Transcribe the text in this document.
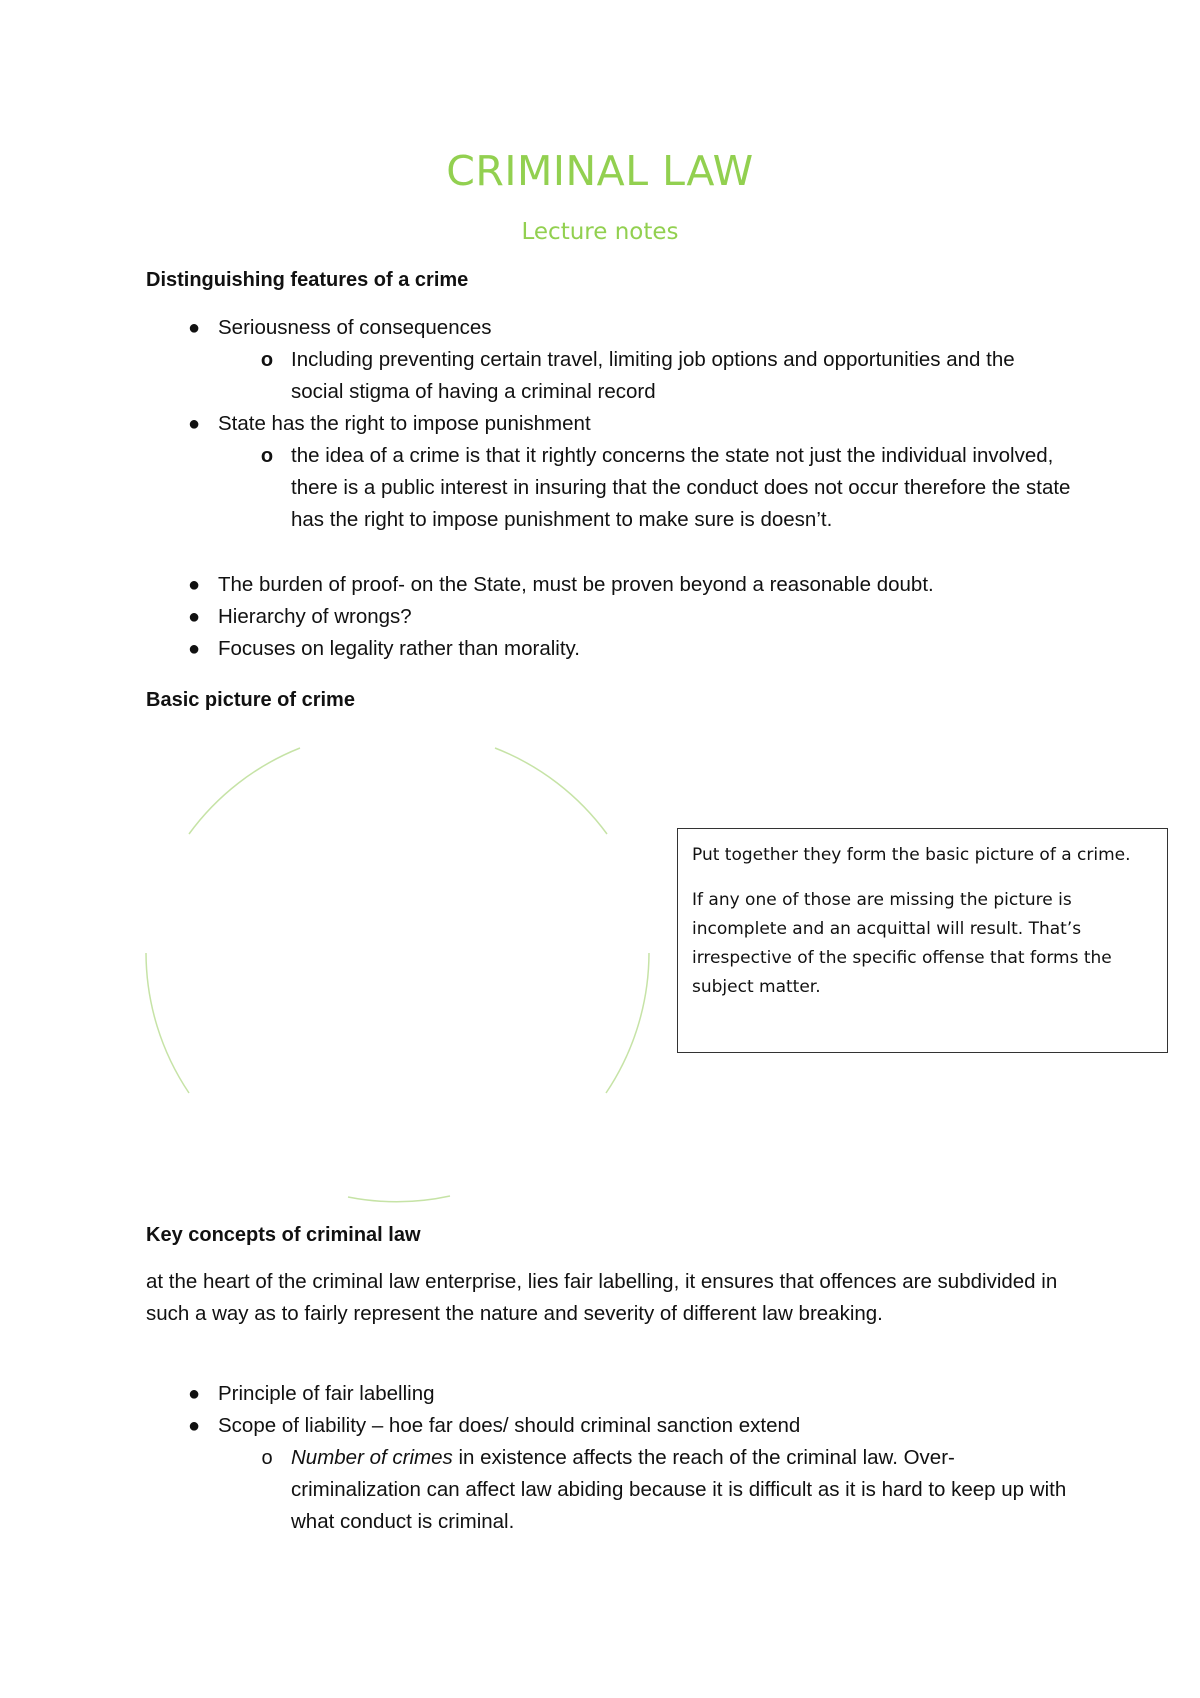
CRIMINAL LAW
Lecture notes
Distinguishing features of a crime
● Seriousness of consequences
o Including preventing certain travel, limiting job options and opportunities and the social stigma of having a criminal record
● State has the right to impose punishment
o the idea of a crime is that it rightly concerns the state not just the individual involved, there is a public interest in insuring that the conduct does not occur therefore the state has the right to impose punishment to make sure is doesn’t.
● The burden of proof- on the State, must be proven beyond a reasonable doubt.
● Hierarchy of wrongs?
● Focuses on legality rather than morality.
Basic picture of crime

Put together they form the basic picture of a crime.

If any one of those are missing the picture is incomplete and an acquittal will result. That’s irrespective of the specific offense that forms the subject matter.

Key concepts of criminal law
at the heart of the criminal law enterprise, lies fair labelling, it ensures that offences are subdivided in such a way as to fairly represent the nature and severity of different law breaking.
● Principle of fair labelling
● Scope of liability – hoe far does/ should criminal sanction extend
o Number of crimes in existence affects the reach of the criminal law. Over-criminalization can affect law abiding because it is difficult as it is hard to keep up with what conduct is criminal.
